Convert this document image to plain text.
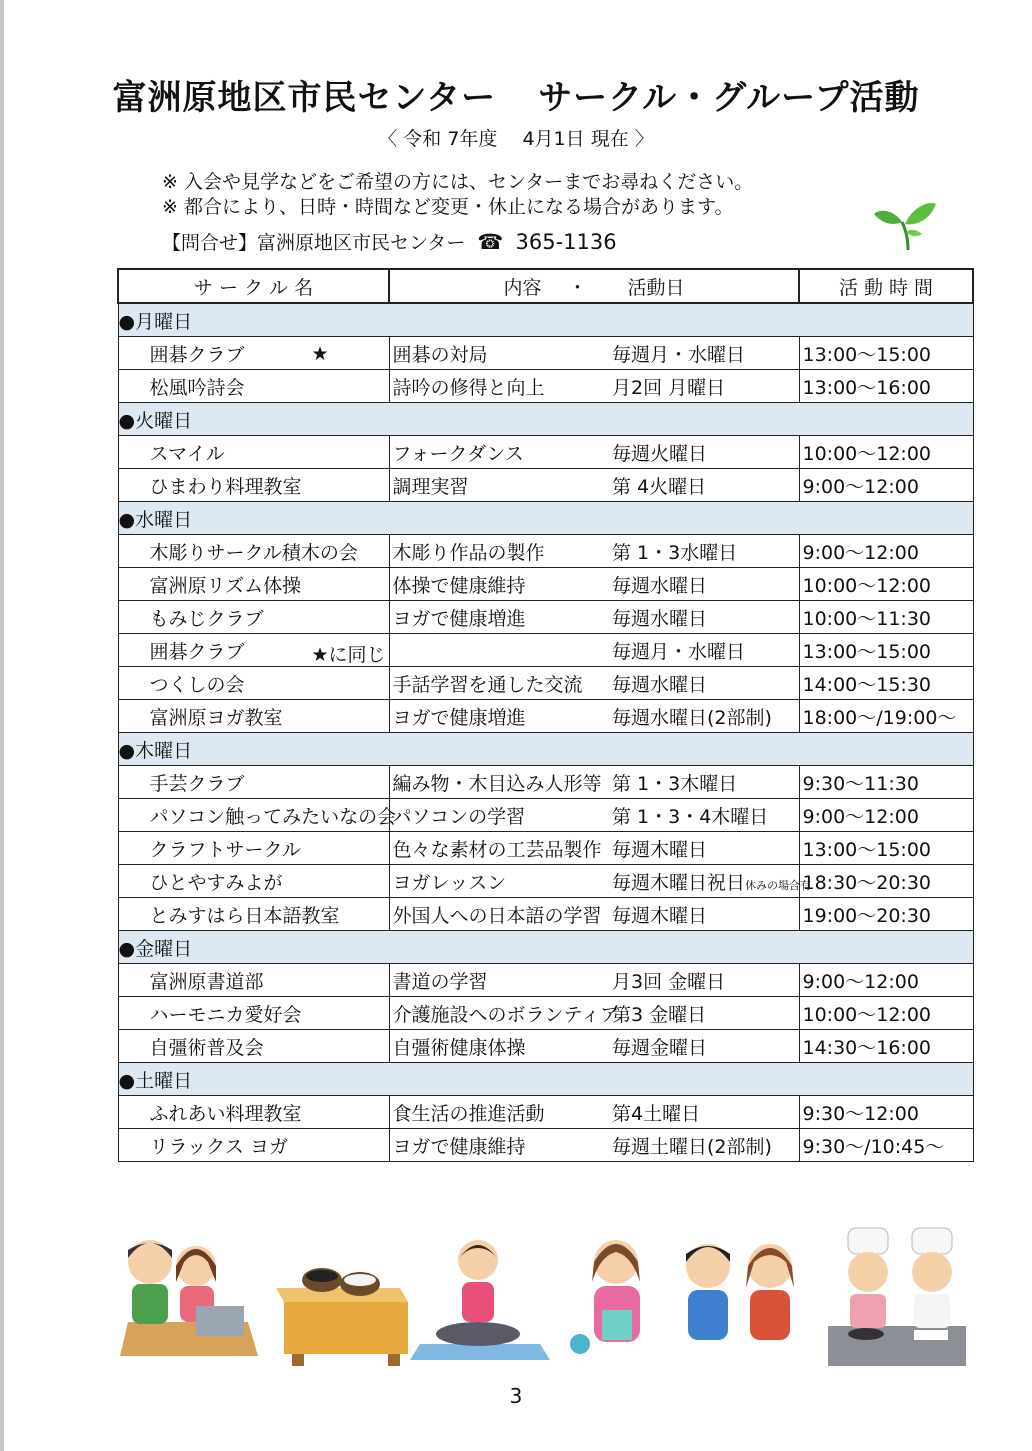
富洲原地区市民センター サークル・グループ活動
〈 令和 7年度　 4月1日 現在 〉
※ 入会や見学などをご希望の方には、センターまでお尋ねください。
※ 都合により、日時・時間など変更・休止になる場合があります。
【問合せ】富洲原地区市民センター ☎ 365-1136
サ ー ク ル 名	内容 ・ 活動日		活 動 時 間
●月曜日			
囲碁クラブ ★	囲碁の対局	毎週月・水曜日	13:00～15:00
松風吟詩会	詩吟の修得と向上	月2回 月曜日	13:00～16:00
●火曜日			
スマイル	フォークダンス	毎週火曜日	10:00～12:00
ひまわり料理教室	調理実習	第 4火曜日	9:00～12:00
●水曜日			
木彫りサークル積木の会	木彫り作品の製作	第 1・3水曜日	9:00～12:00
富洲原リズム体操	体操で健康維持	毎週水曜日	10:00～12:00
もみじクラブ	ヨガで健康増進	毎週水曜日	10:00～11:30
囲碁クラブ ★に同じ		毎週月・水曜日	13:00～15:00
つくしの会	手話学習を通した交流	毎週水曜日	14:00～15:30
富洲原ヨガ教室	ヨガで健康増進	毎週水曜日(2部制)	18:00～/19:00～
●木曜日			
手芸クラブ	編み物・木目込み人形等	第 1・3木曜日	9:30～11:30
パソコン触ってみたいなの会	パソコンの学習	第 1・3・4木曜日	9:00～12:00
クラフトサークル	色々な素材の工芸品製作	毎週木曜日	13:00～15:00
ひとやすみよが	ヨガレッスン	毎週木曜日祝日休みの場合有	18:30～20:30
とみすはら日本語教室	外国人への日本語の学習	毎週木曜日	19:00～20:30
●金曜日			
富洲原書道部	書道の学習	月3回 金曜日	9:00～12:00
ハーモニカ愛好会	介護施設へのボランティア	第3 金曜日	10:00～12:00
自彊術普及会	自彊術健康体操	毎週金曜日	14:30～16:00
●土曜日			
ふれあい料理教室	食生活の推進活動	第4土曜日	9:30～12:00
リラックス ヨガ	ヨガで健康維持	毎週土曜日(2部制)	9:30～/10:45～
3
